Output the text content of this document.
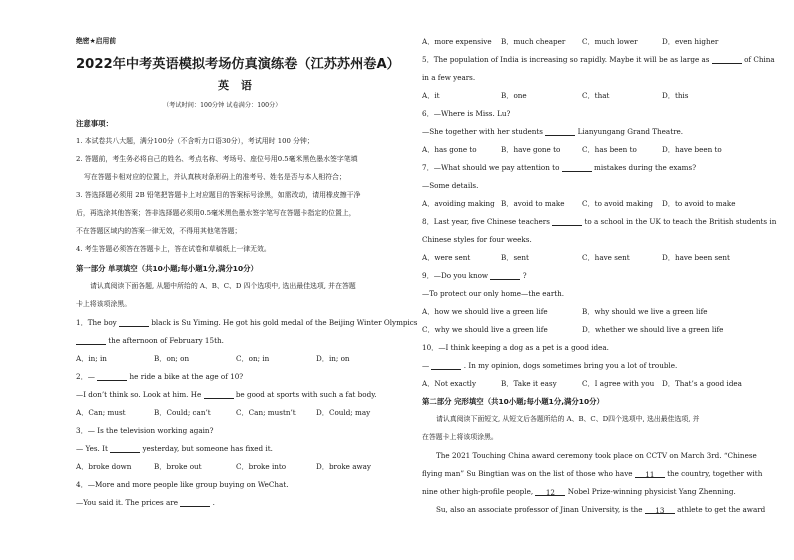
绝密★启用前
2022年中考英语模拟考场仿真演练卷（江苏苏州卷A）
英 语
（考试时间：100分钟 试卷满分：100分）
注意事项：
1. 本试卷共八大题，满分100分（不含听力口语30分），考试用时 100 分钟；
2. 答题前，考生务必将自己的姓名、考点名称、考场号、座位号用0.5毫米黑色墨水签字笔填
写在答题卡相对应的位置上，并认真核对条形码上的准考号、姓名是否与本人相符合；
3. 答选择题必须用 2B 铅笔把答题卡上对应题目的答案标号涂黑，如需改动，请用橡皮擦干净
后，再选涂其他答案；答非选择题必须用0.5毫米黑色墨水签字笔写在答题卡指定的位置上，
不在答题区域内的答案一律无效，不得用其他笔答题；
4. 考生答题必须答在答题卡上，答在试卷和草稿纸上一律无效。
第一部分 单项填空（共10小题;每小题1分,满分10分）
请认真阅读下面各题, 从题中所给的 A、B、C、D 四个选项中, 选出最佳选项, 并在答题
卡上将该项涂黑。
1．The boy	black is Su Yiming. He got his gold medal of the Beijing Winter Olympics
the afternoon of February 15th.
A．in; in	B．on; on	C．on; in	D．in; on
2．—	he ride a bike at the age of 10?
—I don’t think so. Look at him. He	be good at sports with such a fat body.
A．Can; must	B．Could; can’t	C．Can; mustn’t	D．Could; may
3．— Is the television working again?
— Yes. It	yesterday, but someone has fixed it.
A．broke down	B．broke out	C．broke into	D．broke away
4．—More and more people like group buying on WeChat.
—You said it. The prices are	.
A．more expensive B．much cheaper C．much lower	D．even higher
5．The population of India is increasing so rapidly. Maybe it will be as large as	of China
in a few years.
A．it	B．one	C．that	D．this
6．—Where is Miss. Lu?
—She together with her students	Lianyungang Grand Theatre.
A．has gone to	B．have gone to	C．has been to	D．have been to
7．—What should we pay attention to	mistakes during the exams?
—Some details.
A．avoiding making B．avoid to make C．to avoid making D．to avoid to make
8．Last year, five Chinese teachers	to a school in the UK to teach the British students in
Chinese styles for four weeks.
A．were sent	B．sent	C．have sent	D．have been sent
9．—Do you know	?
—To protect our only home—the earth.
A．how we should live a green life	B．why should we live a green life
C．why we should live a green life	D．whether we should live a green life
10．—I think keeping a dog as a pet is a good idea.
—	. In my opinion, dogs sometimes bring you a lot of trouble.
A．Not exactly	B．Take it easy	C．I agree with you D．That’s a good idea
第二部分 完形填空（共10小题;每小题1分,满分10分）
请认真阅读下面短文, 从短文后各题所给的 A、B、C、D四个选项中, 选出最佳选项, 并
在答题卡上将该项涂黑。
The 2021 Touching China award ceremony took place on CCTV on March 3rd. “Chinese
flying man” Su Bingtian was on the list of those who have 11 the country, together with
nine other high-profile people, 12 Nobel Prize-winning physicist Yang Zhenning.
Su, also an associate professor of Jinan University, is the 13 athlete to get the award
